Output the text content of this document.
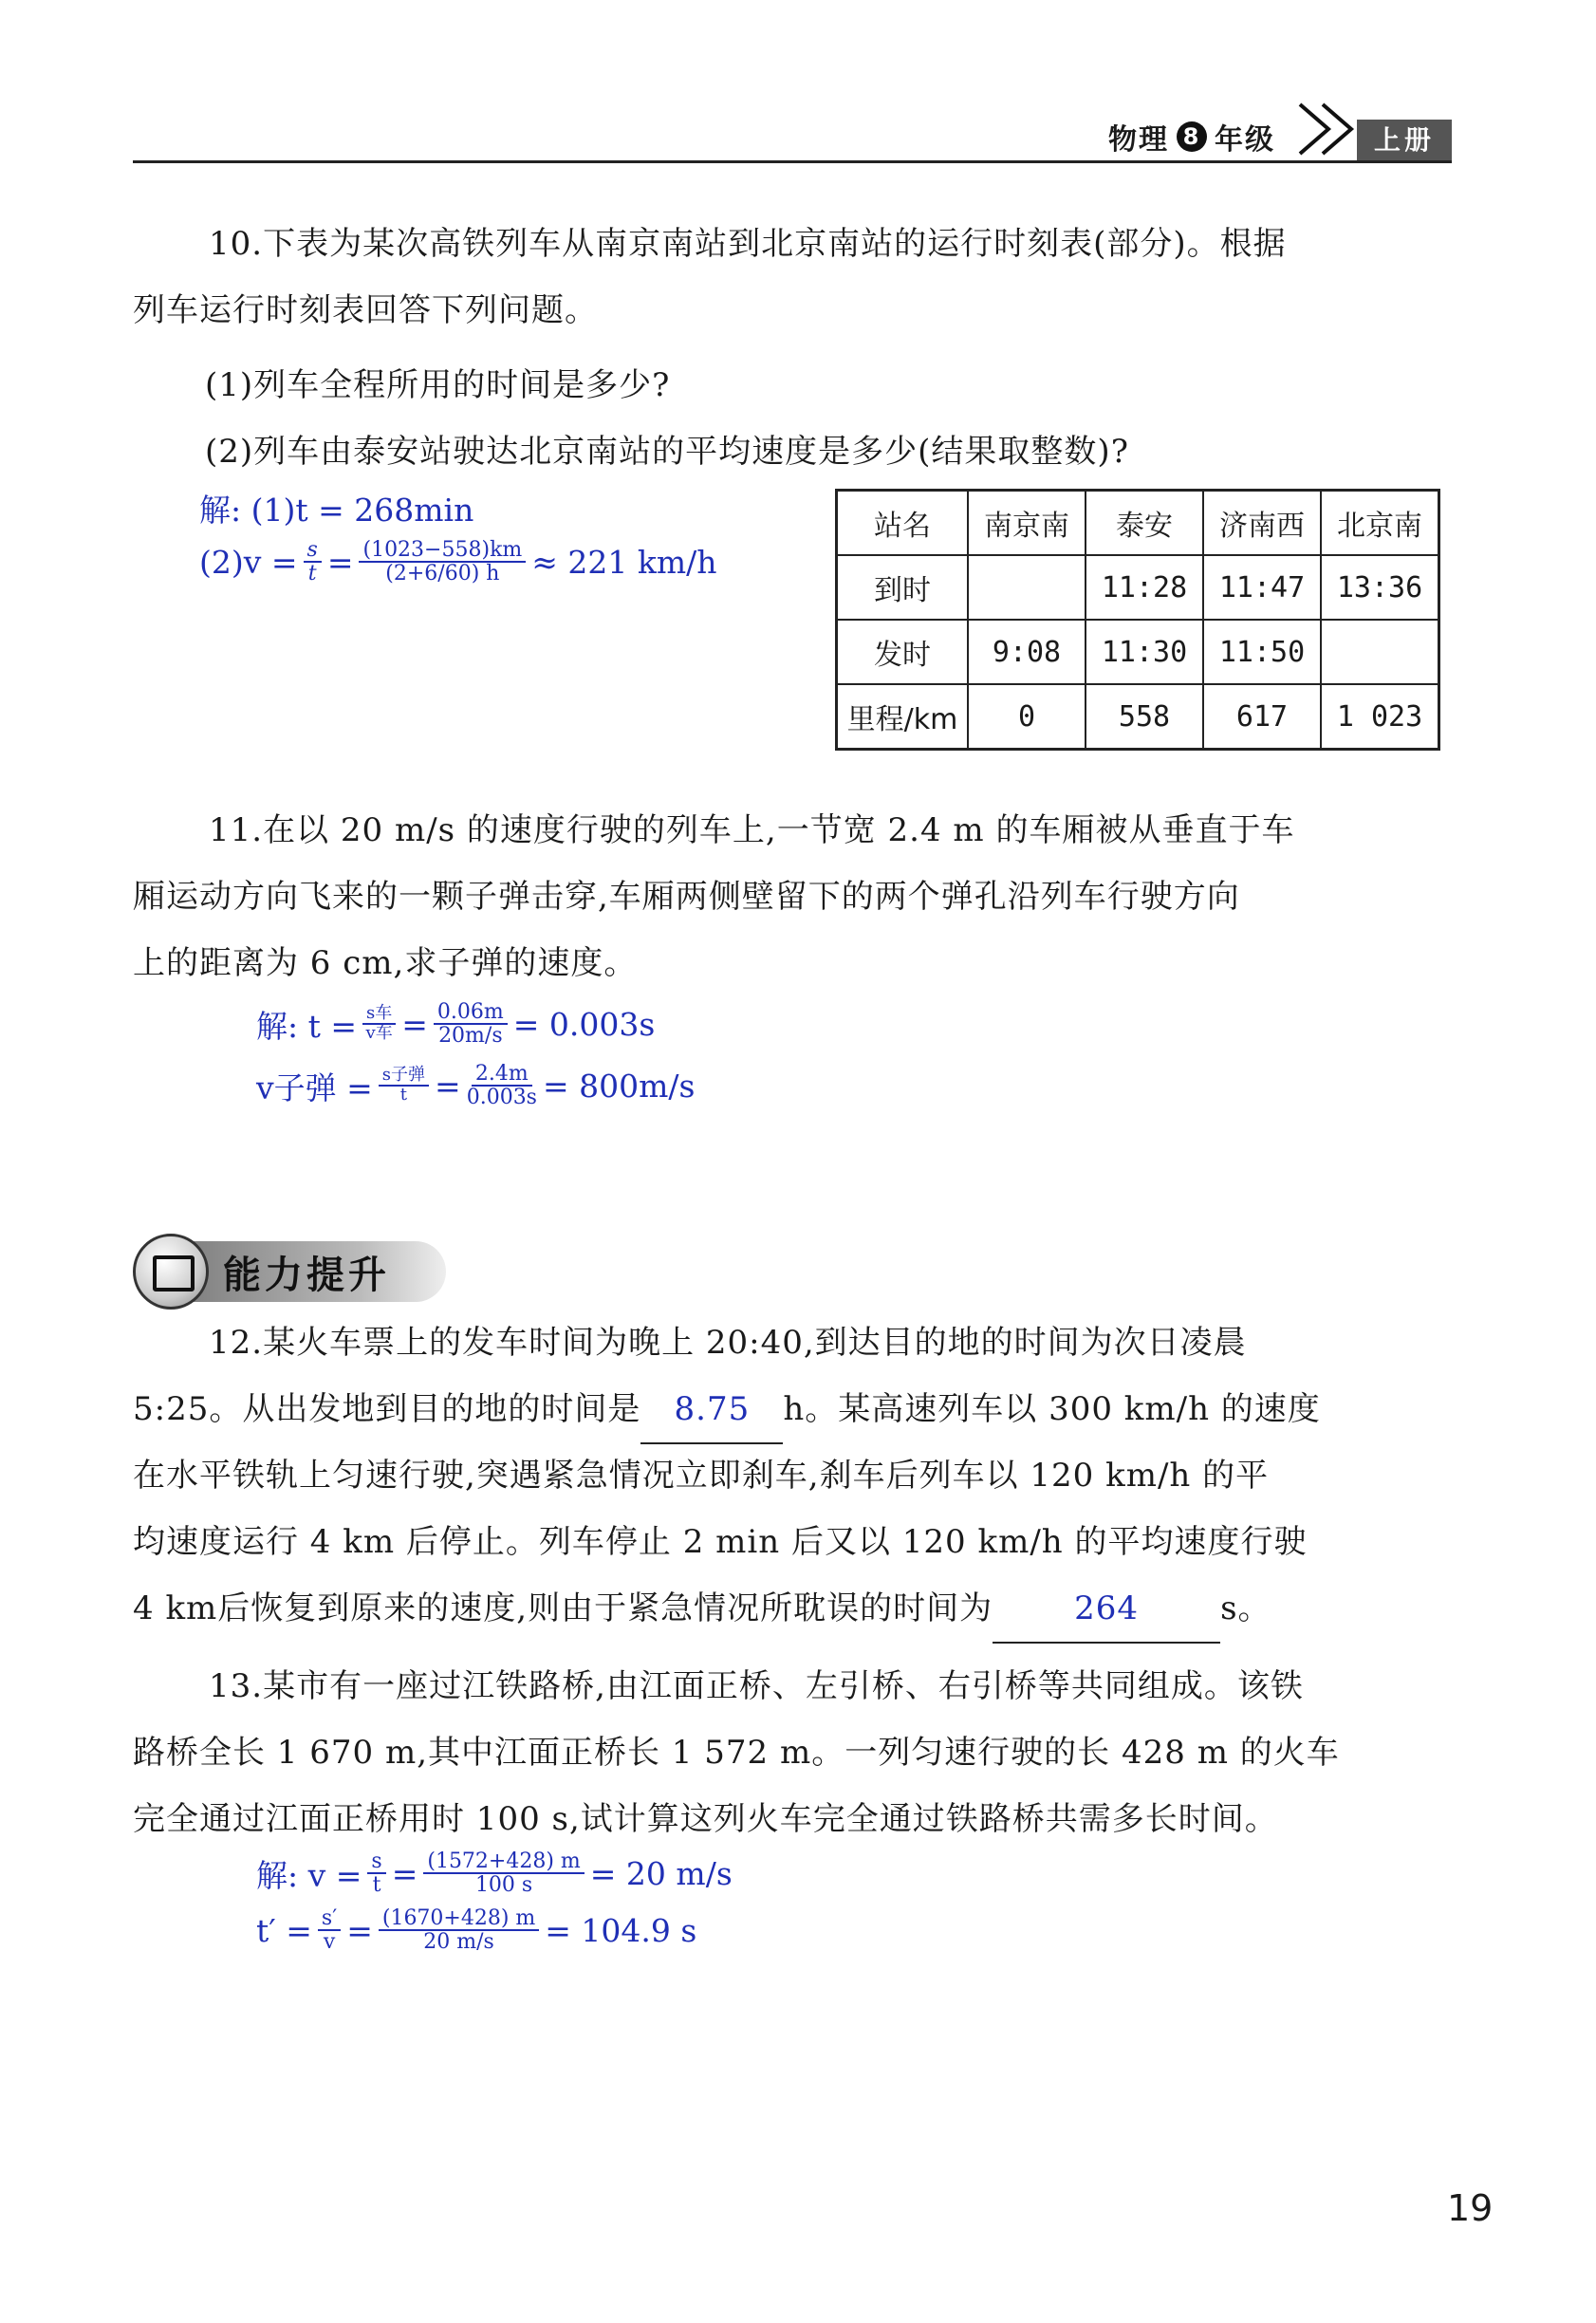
物理 8 年级	上册
10.下表为某次高铁列车从南京南站到北京南站的运行时刻表(部分)。根据
列车运行时刻表回答下列问题。
(1)列车全程所用的时间是多少?
(2)列车由泰安站驶达北京南站的平均速度是多少(结果取整数)?
解: (1)t = 268min
$(2)v = \frac{s}{t} = \frac{(1023-558)km}{(2+6/60) h} \approx 221$ km/h
站名	南京南	泰安	济南西	北京南
到时		11:28	11:47	13:36
发时	9:08	11:30	11:50	
里程/km	0	558	617	1 023
11.在以 20 m/s 的速度行驶的列车上,一节宽 2.4 m 的车厢被从垂直于车
厢运动方向飞来的一颗子弹击穿,车厢两侧壁留下的两个弹孔沿列车行驶方向
上的距离为 6 cm,求子弹的速度。
解: $t = \frac{\text{s车}}{\text{v车}} = \frac{0.06m}{20m/s} = 0.003s$
v子弹 = $\frac{\text{s子弹}}{t} = \frac{2.4m}{0.003s} = 800m/s$
能力提升
12.某火车票上的发车时间为晚上 20:40,到达目的地的时间为次日凌晨
5:25。从出发地到目的地的时间是 8.75 h。某高速列车以 300 km/h 的速度
在水平铁轨上匀速行驶,突遇紧急情况立即刹车,刹车后列车以 120 km/h 的平
均速度运行 4 km 后停止。列车停止 2 min 后又以 120 km/h 的平均速度行驶
4 km后恢复到原来的速度,则由于紧急情况所耽误的时间为	264	s。
13.某市有一座过江铁路桥,由江面正桥、左引桥、右引桥等共同组成。该铁
路桥全长 1 670 m,其中江面正桥长 1 572 m。一列匀速行驶的长 428 m 的火车
完全通过江面正桥用时 100 s,试计算这列火车完全通过铁路桥共需多长时间。
解: $v = \frac{s}{t} = \frac{(1572+428) m}{100 s} = 20$ m/s
$t' = \frac{s'}{v} = \frac{(1670+428) m}{20 m/s} = 104.9$ s
19
